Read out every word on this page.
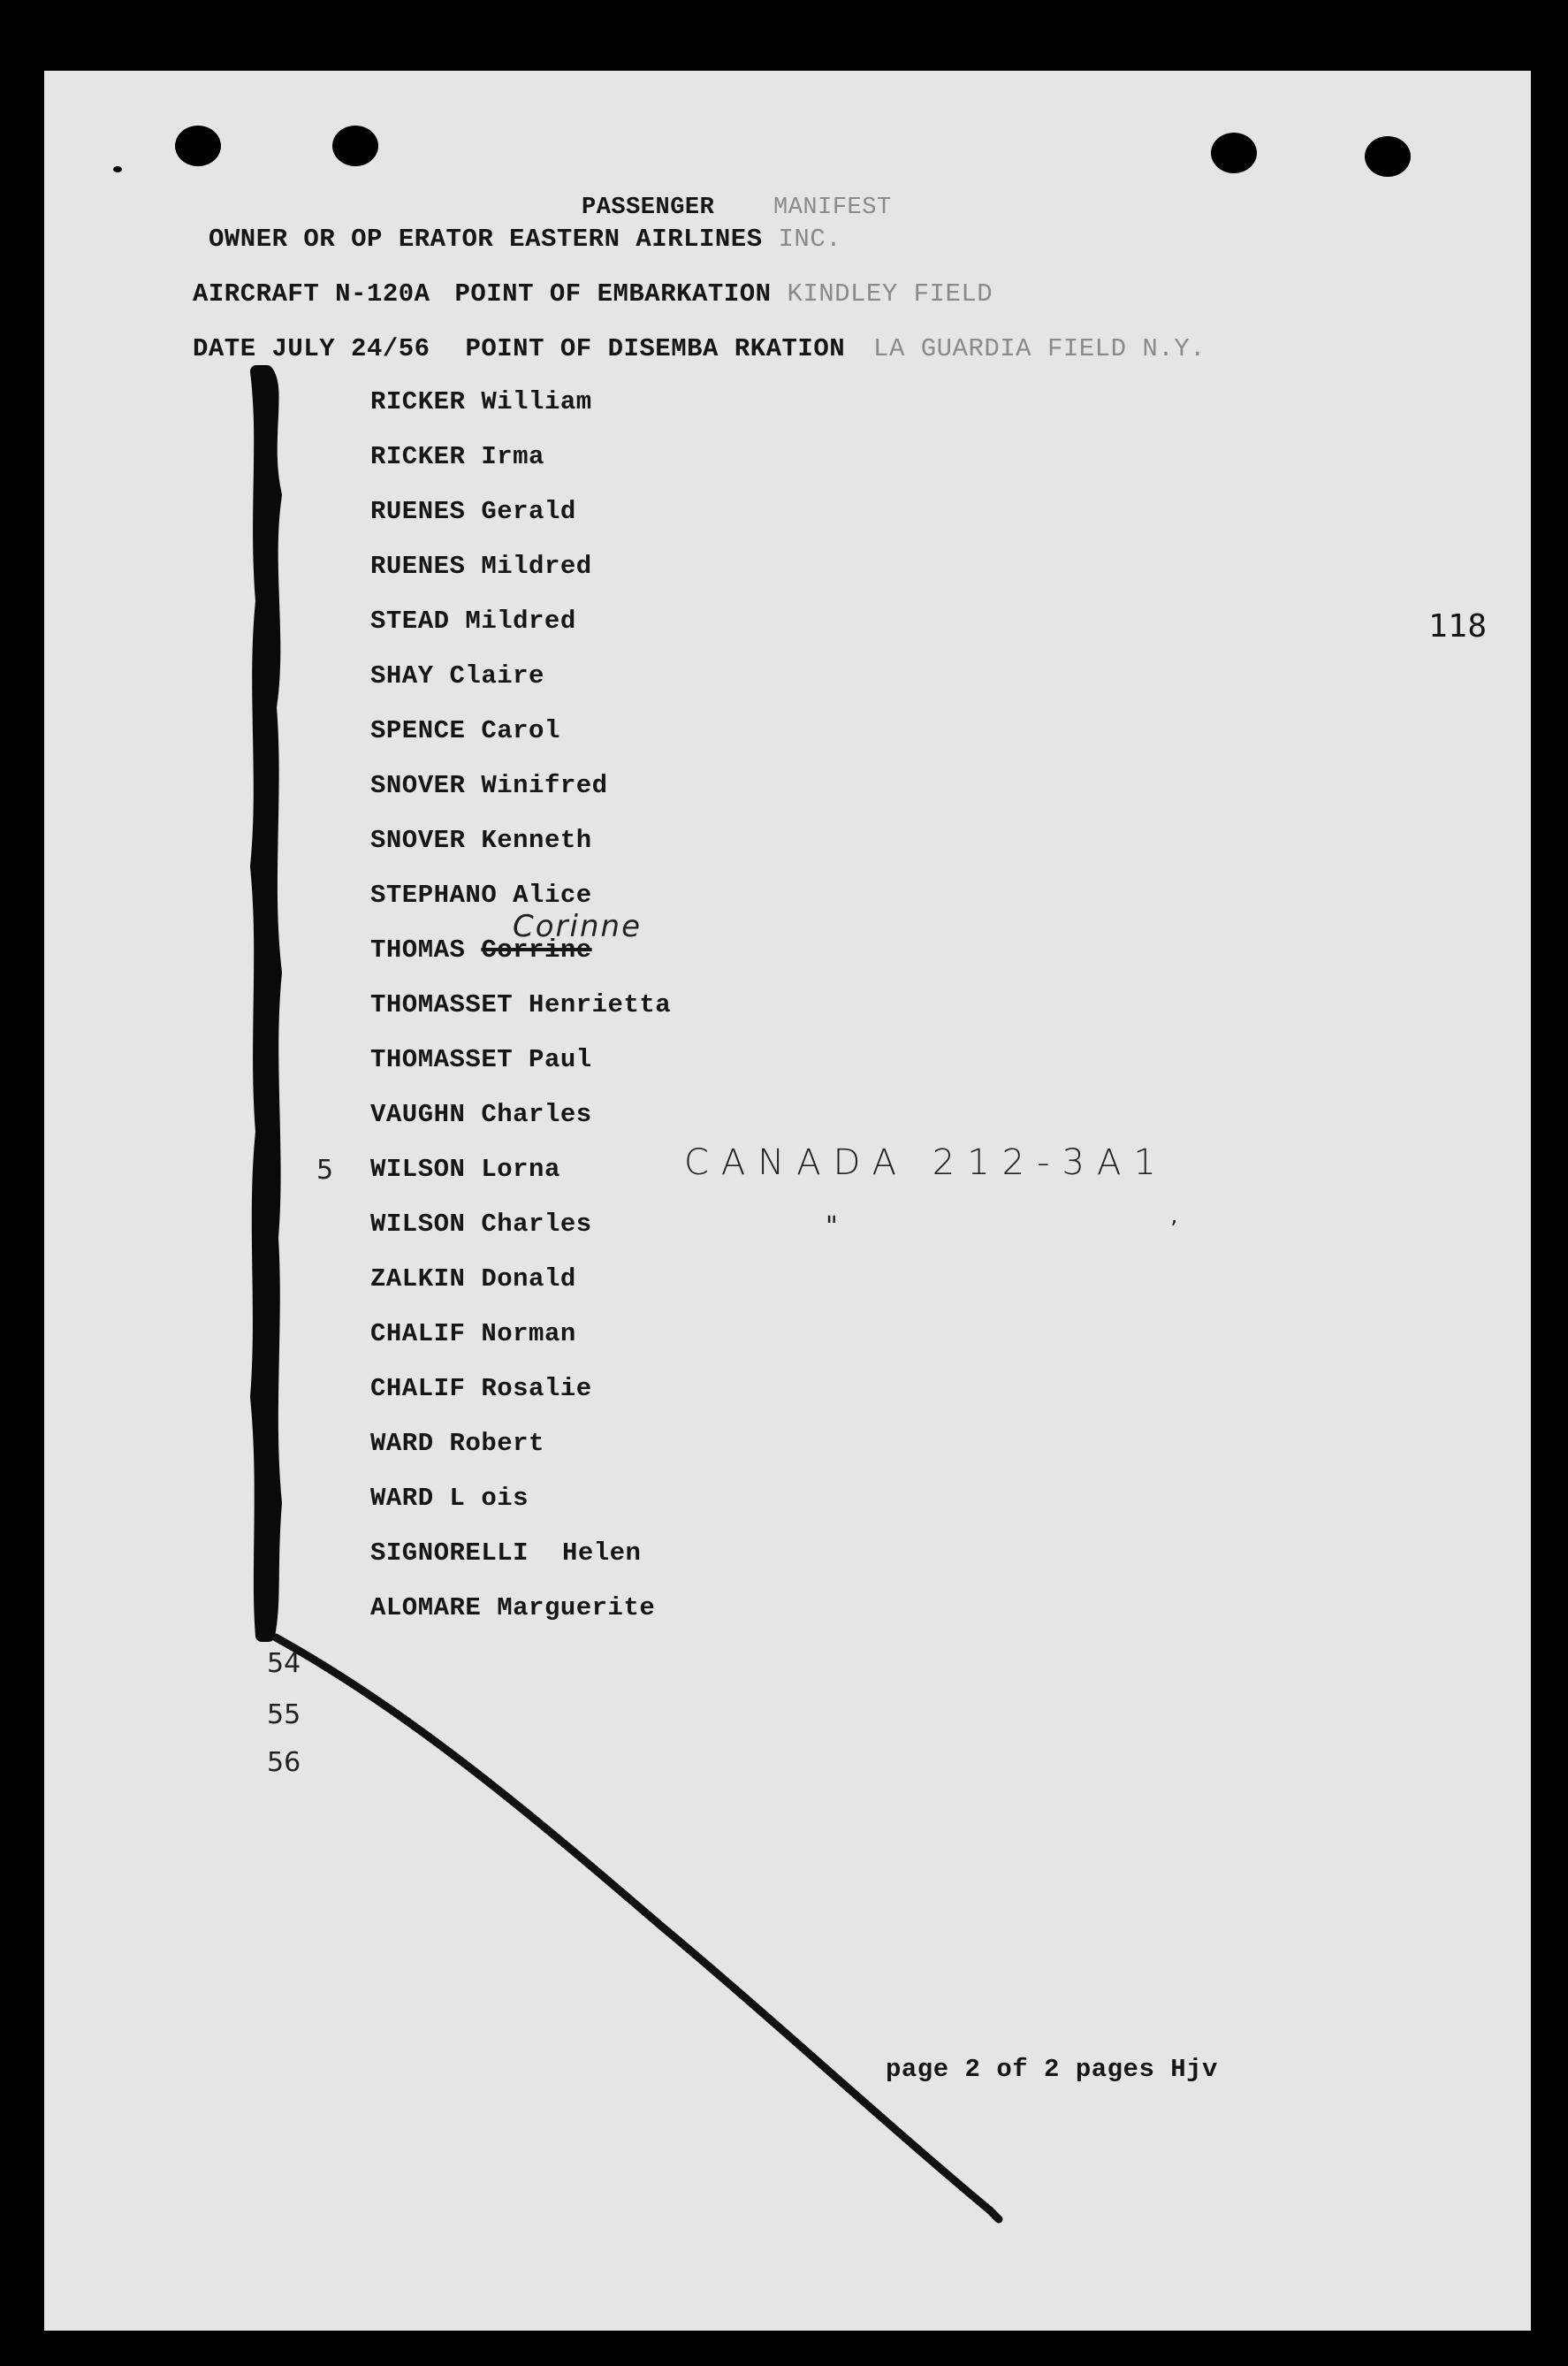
PASSENGER MANIFEST
OWNER OR OP ERATOR EASTERN AIRLINES INC.
AIRCRAFT N-120A POINT OF EMBARKATION KINDLEY FIELD
DATE JULY 24/56 POINT OF DISEMBA RKATION LA GUARDIA FIELD N.Y.
118
RICKER William
RICKER Irma
RUENES Gerald
RUENES Mildred
STEAD Mildred
SHAY Claire
SPENCE Carol
SNOVER Winifred
SNOVER Kenneth
STEPHANO Alice
THOMAS Corrine
THOMASSET Henrietta
THOMASSET Paul
VAUGHN Charles
WILSON Lorna
WILSON Charles
ZALKIN Donald
CHALIF Norman
CHALIF Rosalie
WARD Robert
WARD L ois
SIGNORELLI Helen
ALOMARE Marguerite
Corinne
5	CANADA 212-3A1
"	’
54
55
56
page 2 of 2 pages Hjv
